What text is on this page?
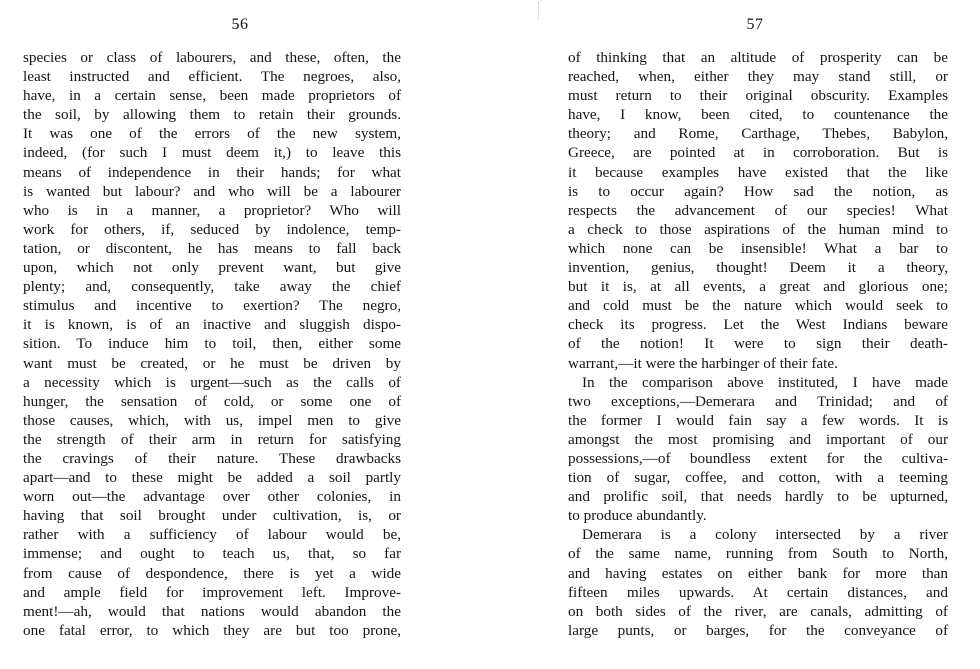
56
species or class of labourers, and these, often, the
least instructed and efficient. The negroes, also,
have, in a certain sense, been made proprietors of
the soil, by allowing them to retain their grounds.
It was one of the errors of the new system,
indeed, (for such I must deem it,) to leave this
means of independence in their hands; for what
is wanted but labour? and who will be a labourer
who is in a manner, a proprietor? Who will
work for others, if, seduced by indolence, temp-
tation, or discontent, he has means to fall back
upon, which not only prevent want, but give
plenty; and, consequently, take away the chief
stimulus and incentive to exertion? The negro,
it is known, is of an inactive and sluggish dispo-
sition. To induce him to toil, then, either some
want must be created, or he must be driven by
a necessity which is urgent—such as the calls of
hunger, the sensation of cold, or some one of
those causes, which, with us, impel men to give
the strength of their arm in return for satisfying
the cravings of their nature. These drawbacks
apart—and to these might be added a soil partly
worn out—the advantage over other colonies, in
having that soil brought under cultivation, is, or
rather with a sufficiency of labour would be,
immense; and ought to teach us, that, so far
from cause of despondence, there is yet a wide
and ample field for improvement left. Improve-
ment!—ah, would that nations would abandon the
one fatal error, to which they are but too prone,
57
of thinking that an altitude of prosperity can be
reached, when, either they may stand still, or
must return to their original obscurity. Examples
have, I know, been cited, to countenance the
theory; and Rome, Carthage, Thebes, Babylon,
Greece, are pointed at in corroboration. But is
it because examples have existed that the like
is to occur again? How sad the notion, as
respects the advancement of our species! What
a check to those aspirations of the human mind to
which none can be insensible! What a bar to
invention, genius, thought! Deem it a theory,
but it is, at all events, a great and glorious one;
and cold must be the nature which would seek to
check its progress. Let the West Indians beware
of the notion! It were to sign their death-
warrant,—it were the harbinger of their fate.
In the comparison above instituted, I have made
two exceptions,—Demerara and Trinidad; and of
the former I would fain say a few words. It is
amongst the most promising and important of our
possessions,—of boundless extent for the cultiva-
tion of sugar, coffee, and cotton, with a teeming
and prolific soil, that needs hardly to be upturned,
to produce abundantly.
Demerara is a colony intersected by a river
of the same name, running from South to North,
and having estates on either bank for more than
fifteen miles upwards. At certain distances, and
on both sides of the river, are canals, admitting of
large punts, or barges, for the conveyance of
